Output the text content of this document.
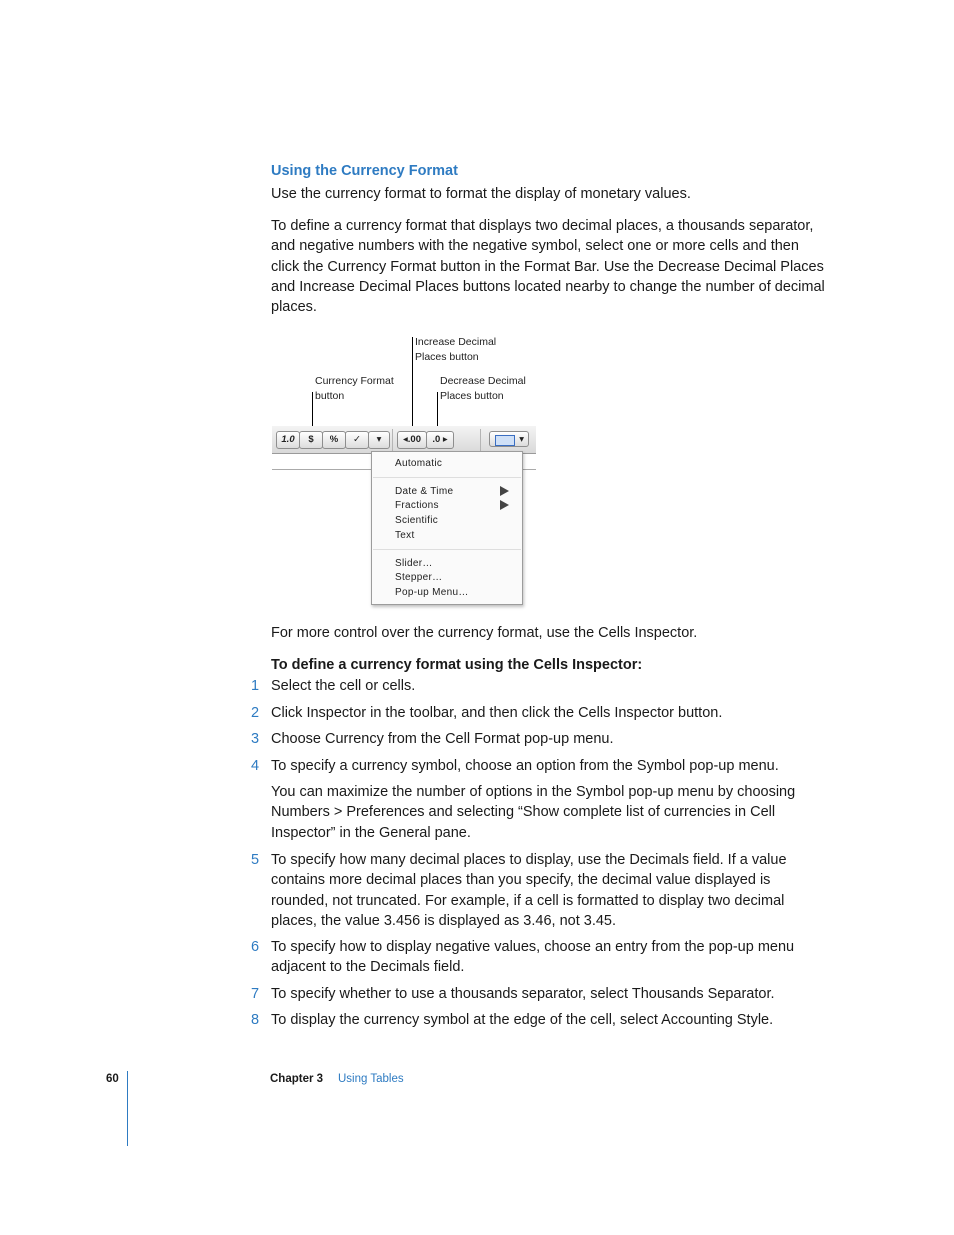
Using the Currency Format
Use the currency format to format the display of monetary values.
To define a currency format that displays two decimal places, a thousands separator, and negative numbers with the negative symbol, select one or more cells and then click the Currency Format button in the Format Bar. Use the Decrease Decimal Places and Increase Decimal Places buttons located nearby to change the number of decimal places.
Increase Decimal
Places button
Currency Format
button
Decrease Decimal
Places button
1.0	$	%	✓	▾	◂.00	.0 ▸	▾
Automatic
Date & Time
Fractions
Scientific
Text
Slider…
Stepper…
Pop-up Menu…
For more control over the currency format, use the Cells Inspector.
To define a currency format using the Cells Inspector:
1 Select the cell or cells.
2 Click Inspector in the toolbar, and then click the Cells Inspector button.
3 Choose Currency from the Cell Format pop-up menu.
4 To specify a currency symbol, choose an option from the Symbol pop-up menu.
You can maximize the number of options in the Symbol pop-up menu by choosing Numbers > Preferences and selecting “Show complete list of currencies in Cell Inspector” in the General pane.
5 To specify how many decimal places to display, use the Decimals field. If a value contains more decimal places than you specify, the decimal value displayed is rounded, not truncated. For example, if a cell is formatted to display two decimal places, the value 3.456 is displayed as 3.46, not 3.45.
6 To specify how to display negative values, choose an entry from the pop-up menu adjacent to the Decimals field.
7 To specify whether to use a thousands separator, select Thousands Separator.
8 To display the currency symbol at the edge of the cell, select Accounting Style.
60	Chapter 3 Using Tables
